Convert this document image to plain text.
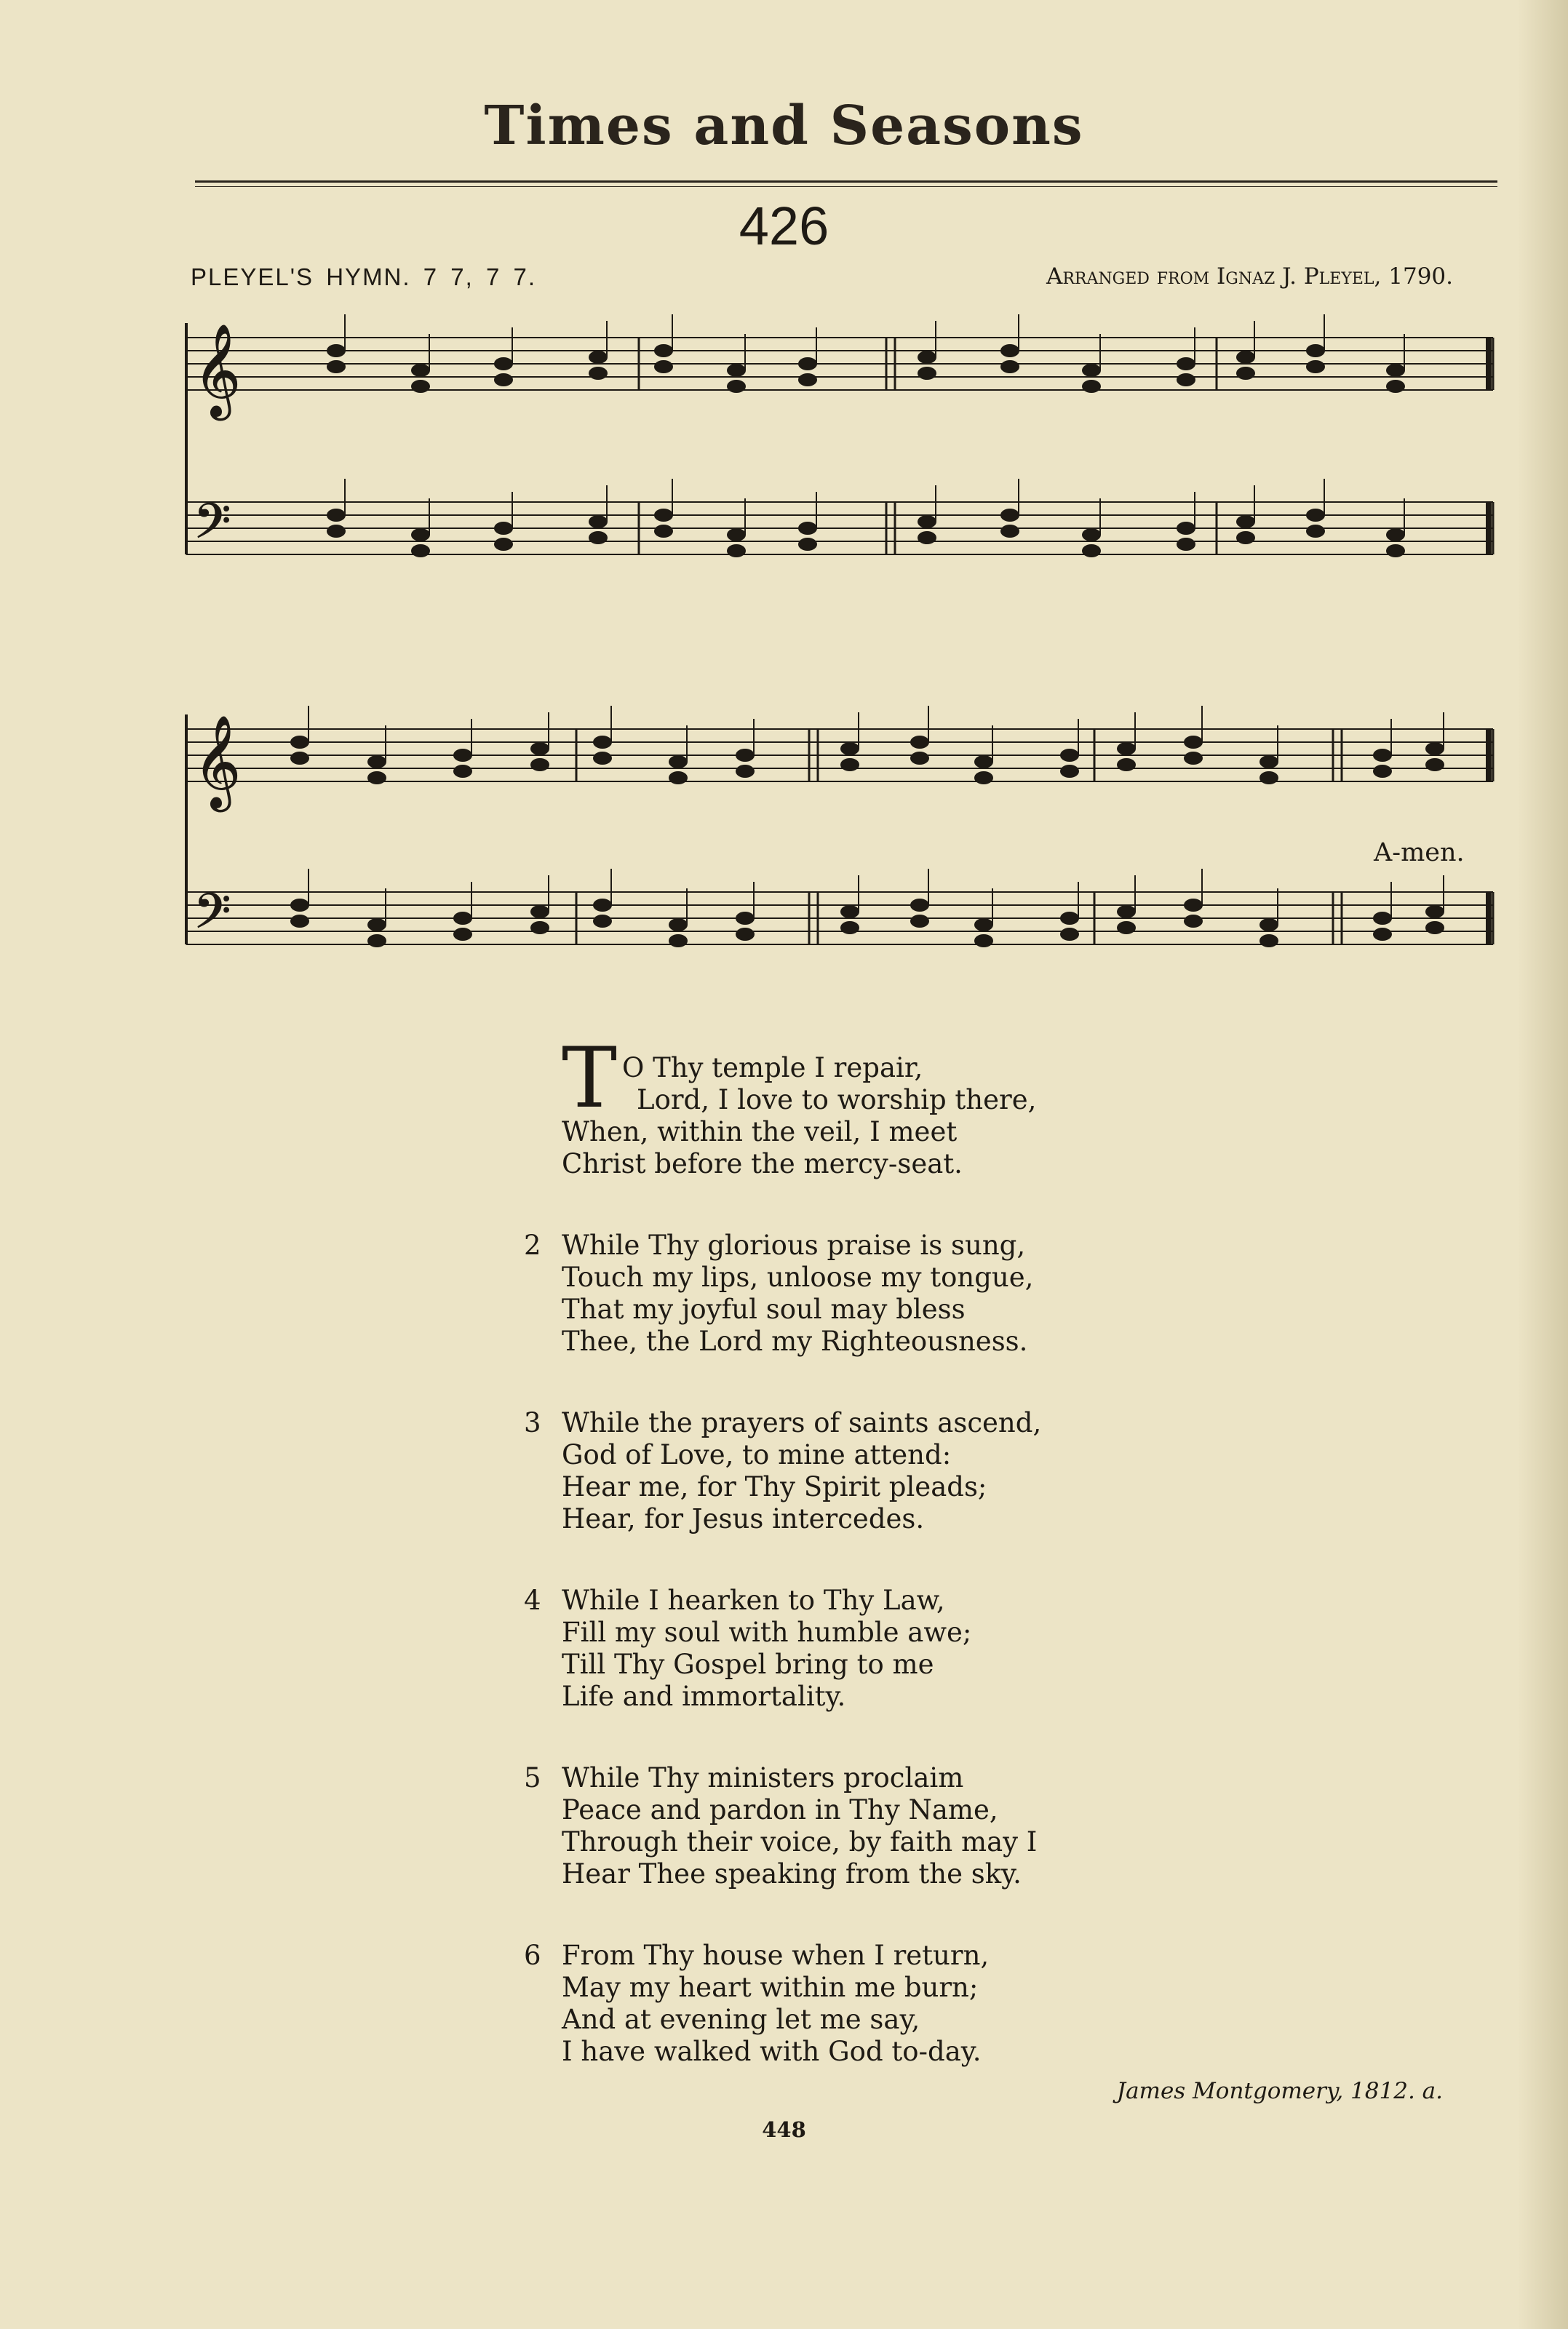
Times and Seasons
426
PLEYEL'S HYMN. 7 7, 7 7.	Arranged from Ignaz J. Pleyel, 1790.
𝄞
𝄢
𝄞
𝄢
A-men.
T O Thy temple I repair,
Lord, I love to worship there,
When, within the veil, I meet
Christ before the mercy-seat.
2 While Thy glorious praise is sung,
Touch my lips, unloose my tongue,
That my joyful soul may bless
Thee, the Lord my Righteousness.
3 While the prayers of saints ascend,
God of Love, to mine attend:
Hear me, for Thy Spirit pleads;
Hear, for Jesus intercedes.
4 While I hearken to Thy Law,
Fill my soul with humble awe;
Till Thy Gospel bring to me
Life and immortality.
5 While Thy ministers proclaim
Peace and pardon in Thy Name,
Through their voice, by faith may I
Hear Thee speaking from the sky.
6 From Thy house when I return,
May my heart within me burn;
And at evening let me say,
I have walked with God to-day.
James Montgomery, 1812. a.
448
